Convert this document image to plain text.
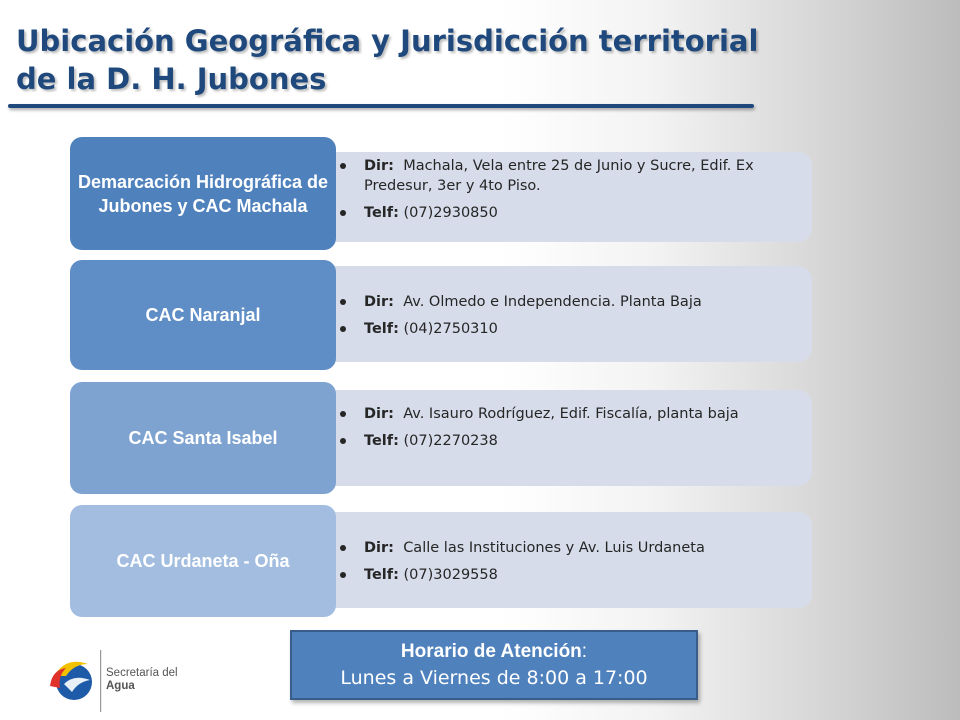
Ubicación Geográfica y Jurisdicción territorial de la D. H. Jubones
Demarcación Hidrográfica de Jubones y CAC Machala
Dir: Machala, Vela entre 25 de Junio y Sucre, Edif. Ex Predesur, 3er y 4to Piso.
Telf: (07)2930850
CAC Naranjal
Dir: Av. Olmedo e Independencia. Planta Baja
Telf: (04)2750310
CAC Santa Isabel
Dir: Av. Isauro Rodríguez, Edif. Fiscalía, planta baja
Telf: (07)2270238
CAC Urdaneta - Oña
Dir: Calle las Instituciones y Av. Luis Urdaneta
Telf: (07)3029558
Horario de Atención:
Lunes a Viernes de 8:00 a 17:00
Secretaría del
Agua
